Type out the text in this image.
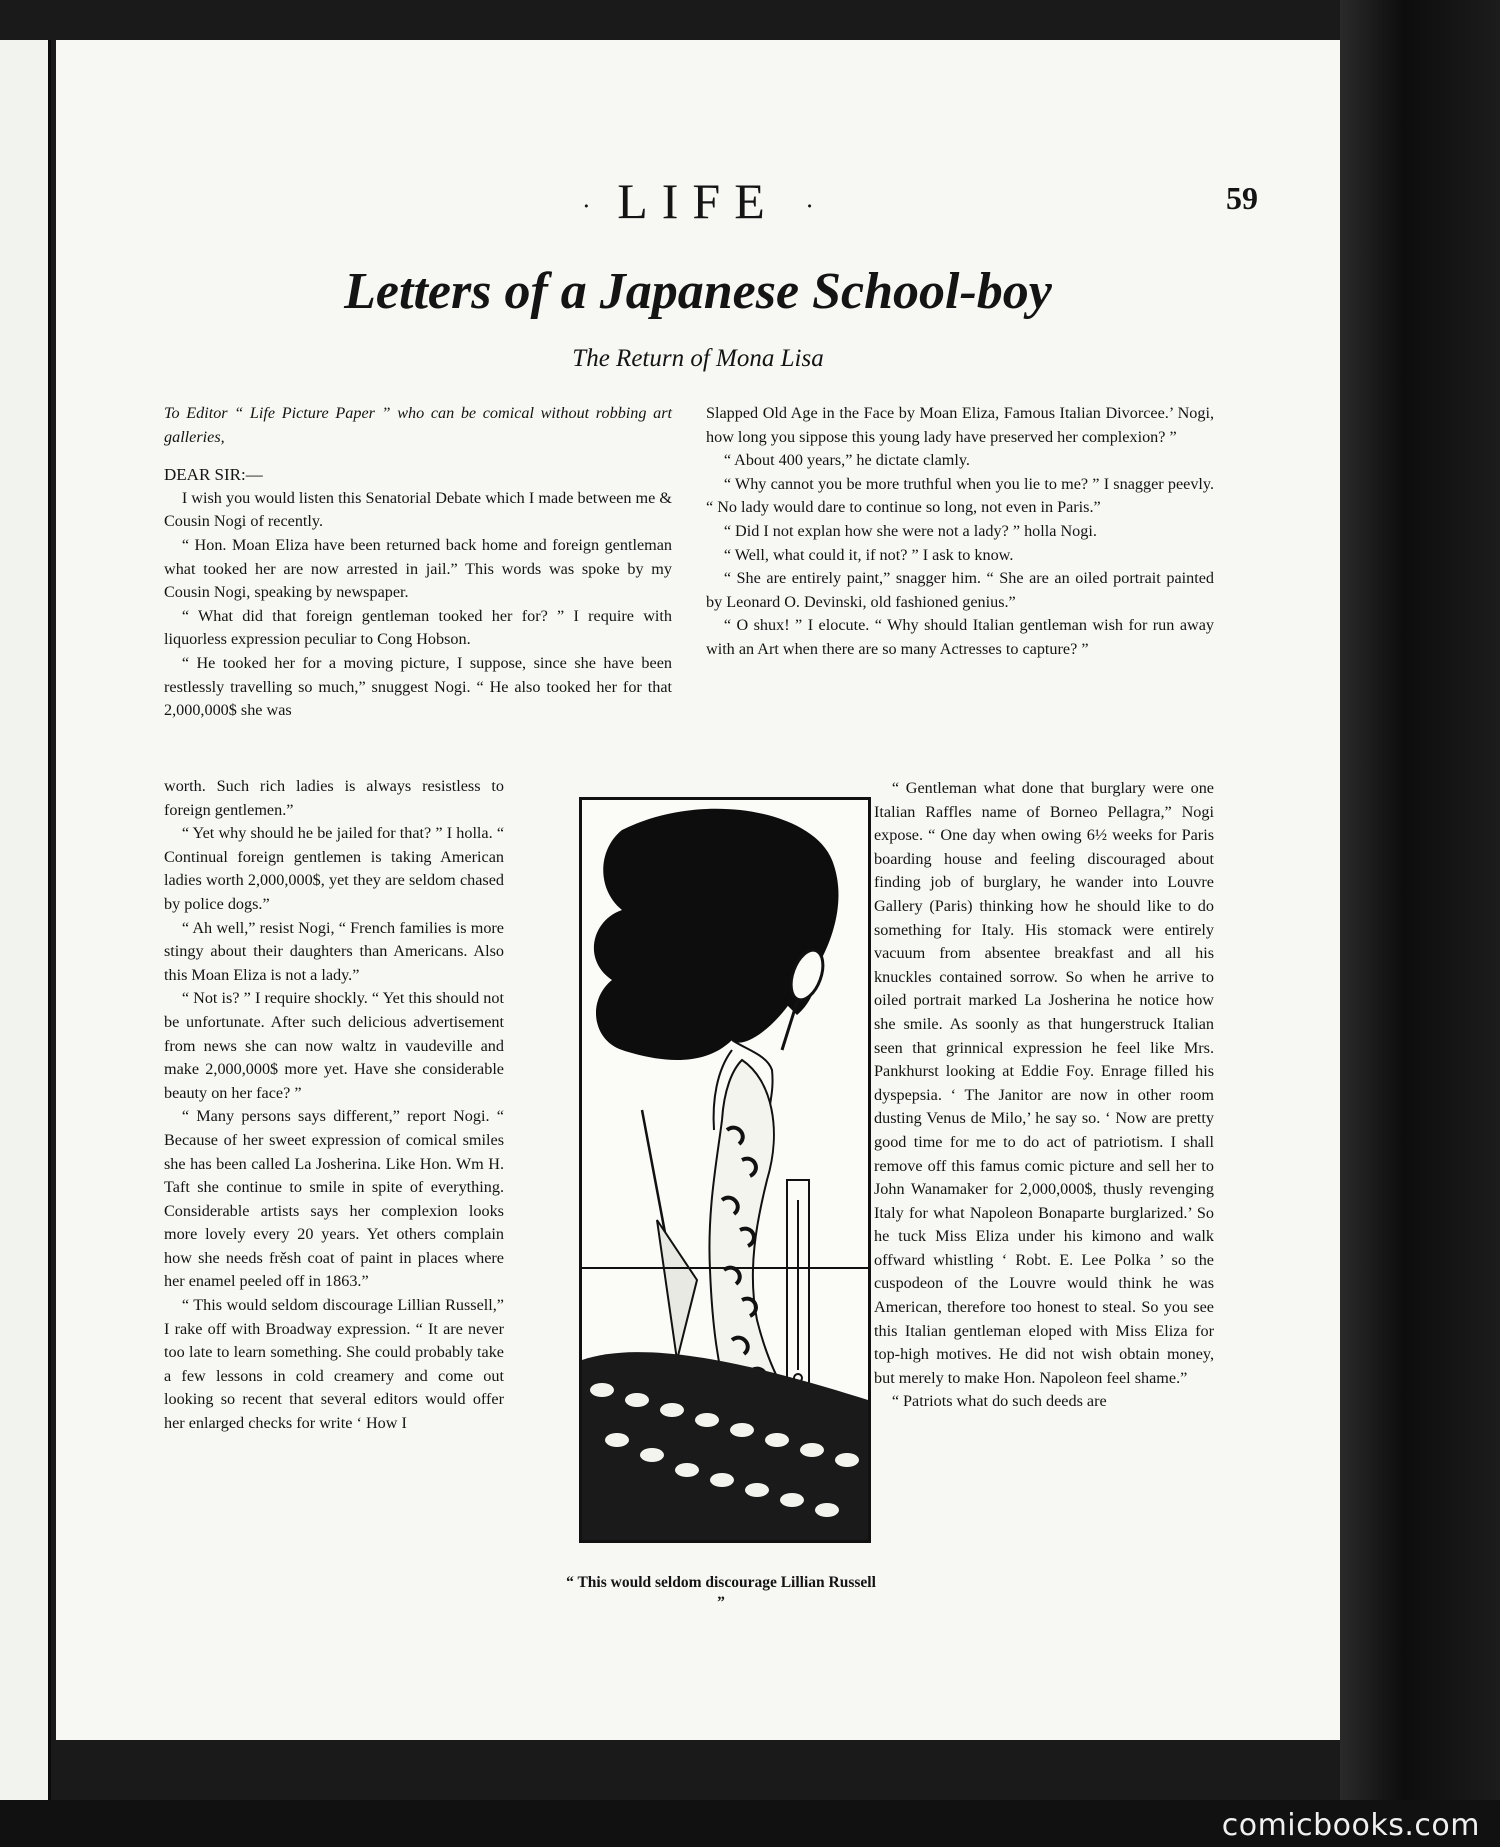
· LIFE ·	59
Letters of a Japanese School-boy
The Return of Mona Lisa

To Editor “ Life Picture Paper ” who can be comical without robbing art galleries,

DEAR SIR:—

I wish you would listen this Senatorial Debate which I made between me & Cousin Nogi of recently.

“ Hon. Moan Eliza have been returned back home and foreign gentleman what tooked her are now arrested in jail.” This words was spoke by my Cousin Nogi, speaking by newspaper.

“ What did that foreign gentleman tooked her for? ” I require with liquorless expression peculiar to Cong Hobson.

“ He tooked her for a moving picture, I suppose, since she have been restlessly travelling so much,” snuggest Nogi. “ He also tooked her for that 2,000,000$ she was

worth. Such rich ladies is always resistless to foreign gentlemen.”

“ Yet why should he be jailed for that? ” I holla. “ Continual foreign gentlemen is taking American ladies worth 2,000,000$, yet they are seldom chased by police dogs.”

“ Ah well,” resist Nogi, “ French families is more stingy about their daughters than Americans. Also this Moan Eliza is not a lady.”

“ Not is? ” I require shockly. “ Yet this should not be unfortunate. After such delicious advertisement from news she can now waltz in vaudeville and make 2,000,000$ more yet. Have she considerable beauty on her face? ”

“ Many persons says different,” report Nogi. “ Because of her sweet expression of comical smiles she has been called La Josherina. Like Hon. Wm H. Taft she continue to smile in spite of everything. Considerable artists says her complexion looks more lovely every 20 years. Yet others complain how she needs frěsh coat of paint in places where her enamel peeled off in 1863.”

“ This would seldom discourage Lillian Russell,” I rake off with Broadway expression. “ It are never too late to learn something. She could probably take a few lessons in cold creamery and come out looking so recent that several editors would offer her enlarged checks for write ‘ How I

Slapped Old Age in the Face by Moan Eliza, Famous Italian Divorcee.’ Nogi, how long you sippose this young lady have preserved her complexion? ”

“ About 400 years,” he dictate clamly.

“ Why cannot you be more truthful when you lie to me? ” I snagger peevly. “ No lady would dare to continue so long, not even in Paris.”

“ Did I not explan how she were not a lady? ” holla Nogi.

“ Well, what could it, if not? ” I ask to know.

“ She are entirely paint,” snagger him. “ She are an oiled portrait painted by Leonard O. Devinski, old fashioned genius.”

“ O shux! ” I elocute. “ Why should Italian gentleman wish for run away with an Art when there are so many Actresses to capture? ”

“ Gentleman what done that burglary were one Italian Raffles name of Borneo Pellagra,” Nogi expose. “ One day when owing 6½ weeks for Paris boarding house and feeling discouraged about finding job of burglary, he wander into Louvre Gallery (Paris) thinking how he should like to do something for Italy. His stomack were entirely vacuum from absentee breakfast and all his knuckles contained sorrow. So when he arrive to oiled portrait marked La Josherina he notice how she smile. As soonly as that hungerstruck Italian seen that grinnical expression he feel like Mrs. Pankhurst looking at Eddie Foy. Enrage filled his dyspepsia. ‘ The Janitor are now in other room dusting Venus de Milo,’ he say so. ‘ Now are pretty good time for me to do act of patriotism. I shall remove off this famus comic picture and sell her to John Wanamaker for 2,000,000$, thusly revenging Italy for what Napoleon Bonaparte burglarized.’ So he tuck Miss Eliza under his kimono and walk offward whistling ‘ Robt. E. Lee Polka ’ so the cuspodeon of the Louvre would think he was American, therefore too honest to steal. So you see this Italian gentleman eloped with Miss Eliza for top-high motives. He did not wish obtain money, but merely to make Hon. Napoleon feel shame.”

“ Patriots what do such deeds are

“ This would seldom discourage Lillian Russell ”
comicbooks.com
